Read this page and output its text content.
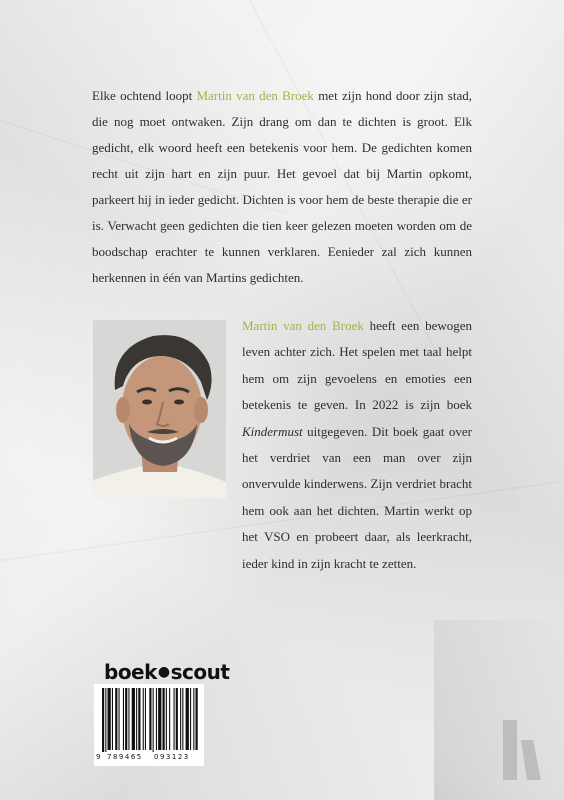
Elke ochtend loopt Martin van den Broek met zijn hond door zijn stad, die nog moet ontwaken. Zijn drang om dan te dichten is groot. Elk gedicht, elk woord heeft een betekenis voor hem. De gedichten komen recht uit zijn hart en zijn puur. Het gevoel dat bij Martin opkomt, parkeert hij in ieder gedicht. Dichten is voor hem de beste therapie die er is. Verwacht geen gedichten die tien keer gelezen moeten worden om de boodschap erachter te kunnen verklaren. Eenieder zal zich kunnen herkennen in één van Martins gedichten.
Martin van den Broek heeft een bewogen leven achter zich. Het spelen met taal helpt hem om zijn gevoelens en emoties een betekenis te geven. In 2022 is zijn boek Kindermust uitgegeven. Dit boek gaat over het verdriet van een man over zijn onvervulde kinderwens. Zijn verdriet bracht hem ook aan het dichten. Martin werkt op het VSO en probeert daar, als leerkracht, ieder kind in zijn kracht te zetten.
boek●scout
9 789465 093123
